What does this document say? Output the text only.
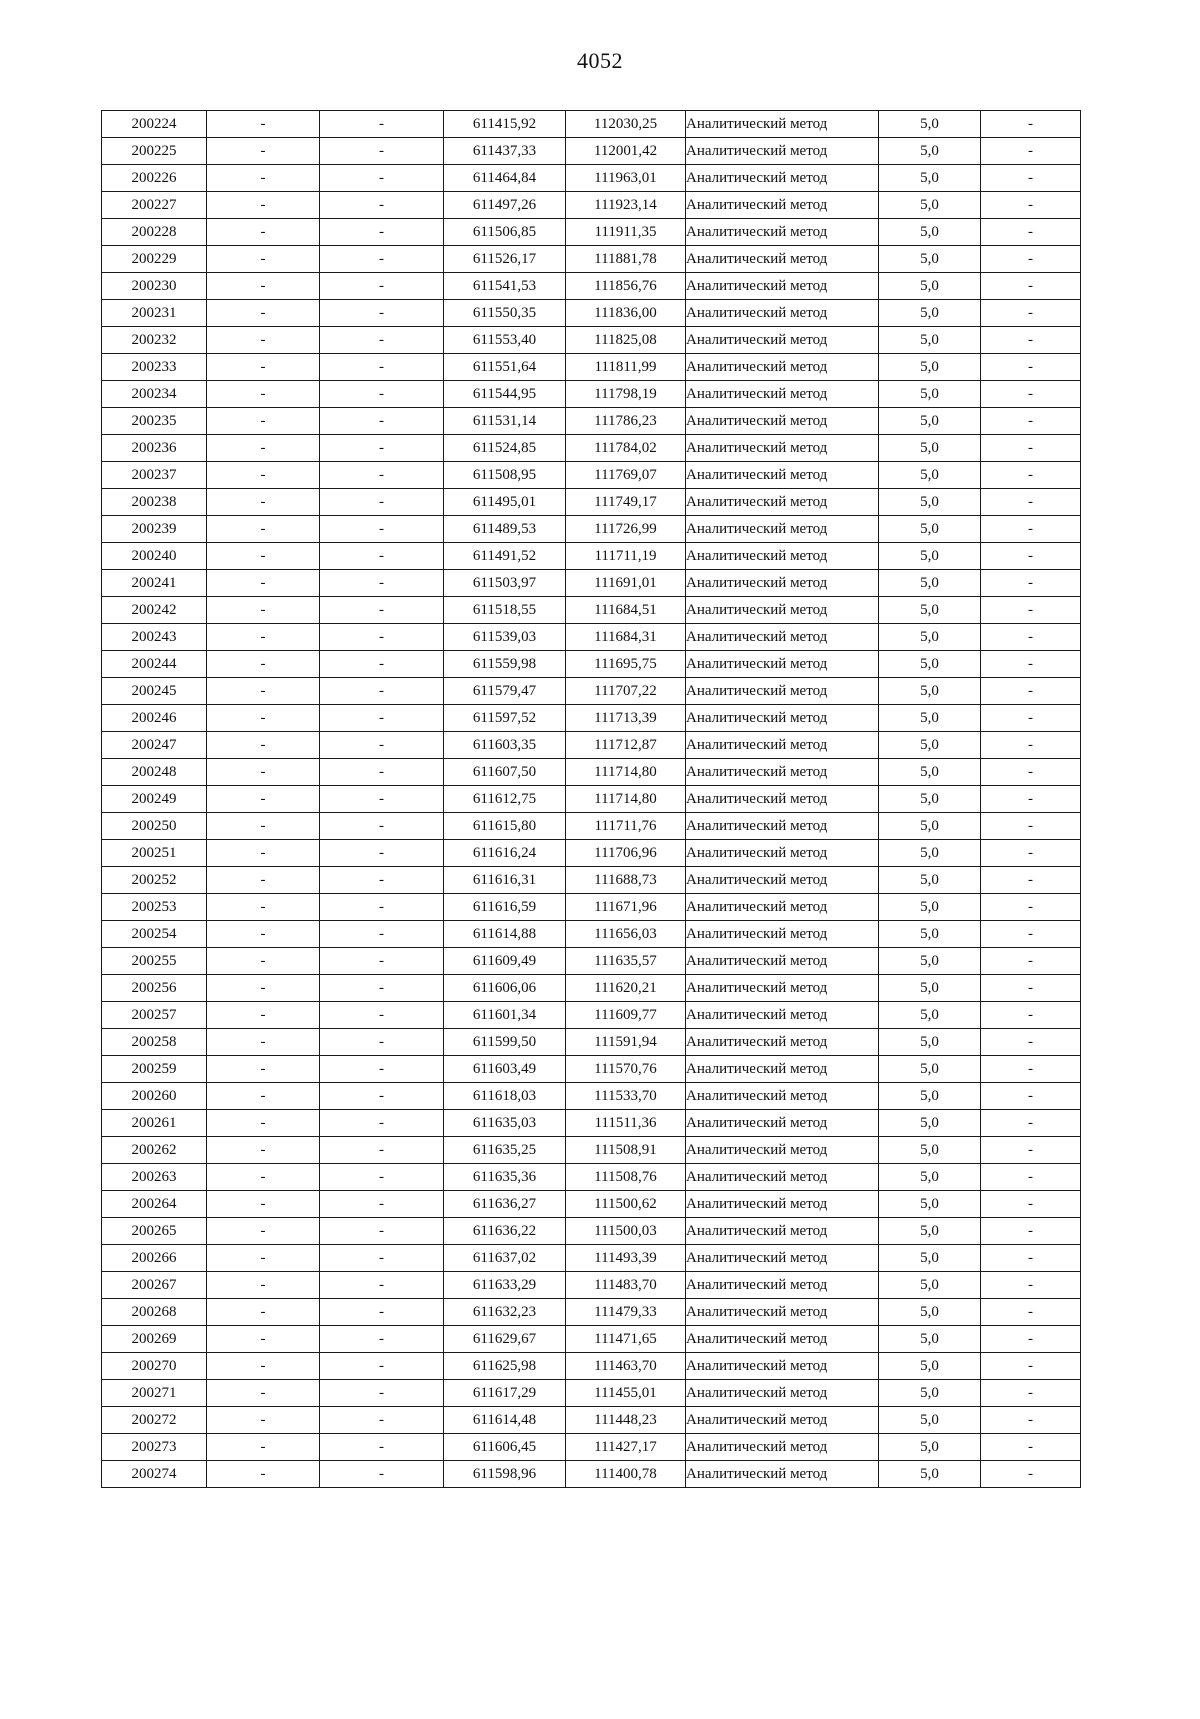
4052
200224	-	-	611415,92	112030,25	Аналитический метод	5,0	-
200225	-	-	611437,33	112001,42	Аналитический метод	5,0	-
200226	-	-	611464,84	111963,01	Аналитический метод	5,0	-
200227	-	-	611497,26	111923,14	Аналитический метод	5,0	-
200228	-	-	611506,85	111911,35	Аналитический метод	5,0	-
200229	-	-	611526,17	111881,78	Аналитический метод	5,0	-
200230	-	-	611541,53	111856,76	Аналитический метод	5,0	-
200231	-	-	611550,35	111836,00	Аналитический метод	5,0	-
200232	-	-	611553,40	111825,08	Аналитический метод	5,0	-
200233	-	-	611551,64	111811,99	Аналитический метод	5,0	-
200234	-	-	611544,95	111798,19	Аналитический метод	5,0	-
200235	-	-	611531,14	111786,23	Аналитический метод	5,0	-
200236	-	-	611524,85	111784,02	Аналитический метод	5,0	-
200237	-	-	611508,95	111769,07	Аналитический метод	5,0	-
200238	-	-	611495,01	111749,17	Аналитический метод	5,0	-
200239	-	-	611489,53	111726,99	Аналитический метод	5,0	-
200240	-	-	611491,52	111711,19	Аналитический метод	5,0	-
200241	-	-	611503,97	111691,01	Аналитический метод	5,0	-
200242	-	-	611518,55	111684,51	Аналитический метод	5,0	-
200243	-	-	611539,03	111684,31	Аналитический метод	5,0	-
200244	-	-	611559,98	111695,75	Аналитический метод	5,0	-
200245	-	-	611579,47	111707,22	Аналитический метод	5,0	-
200246	-	-	611597,52	111713,39	Аналитический метод	5,0	-
200247	-	-	611603,35	111712,87	Аналитический метод	5,0	-
200248	-	-	611607,50	111714,80	Аналитический метод	5,0	-
200249	-	-	611612,75	111714,80	Аналитический метод	5,0	-
200250	-	-	611615,80	111711,76	Аналитический метод	5,0	-
200251	-	-	611616,24	111706,96	Аналитический метод	5,0	-
200252	-	-	611616,31	111688,73	Аналитический метод	5,0	-
200253	-	-	611616,59	111671,96	Аналитический метод	5,0	-
200254	-	-	611614,88	111656,03	Аналитический метод	5,0	-
200255	-	-	611609,49	111635,57	Аналитический метод	5,0	-
200256	-	-	611606,06	111620,21	Аналитический метод	5,0	-
200257	-	-	611601,34	111609,77	Аналитический метод	5,0	-
200258	-	-	611599,50	111591,94	Аналитический метод	5,0	-
200259	-	-	611603,49	111570,76	Аналитический метод	5,0	-
200260	-	-	611618,03	111533,70	Аналитический метод	5,0	-
200261	-	-	611635,03	111511,36	Аналитический метод	5,0	-
200262	-	-	611635,25	111508,91	Аналитический метод	5,0	-
200263	-	-	611635,36	111508,76	Аналитический метод	5,0	-
200264	-	-	611636,27	111500,62	Аналитический метод	5,0	-
200265	-	-	611636,22	111500,03	Аналитический метод	5,0	-
200266	-	-	611637,02	111493,39	Аналитический метод	5,0	-
200267	-	-	611633,29	111483,70	Аналитический метод	5,0	-
200268	-	-	611632,23	111479,33	Аналитический метод	5,0	-
200269	-	-	611629,67	111471,65	Аналитический метод	5,0	-
200270	-	-	611625,98	111463,70	Аналитический метод	5,0	-
200271	-	-	611617,29	111455,01	Аналитический метод	5,0	-
200272	-	-	611614,48	111448,23	Аналитический метод	5,0	-
200273	-	-	611606,45	111427,17	Аналитический метод	5,0	-
200274	-	-	611598,96	111400,78	Аналитический метод	5,0	-
